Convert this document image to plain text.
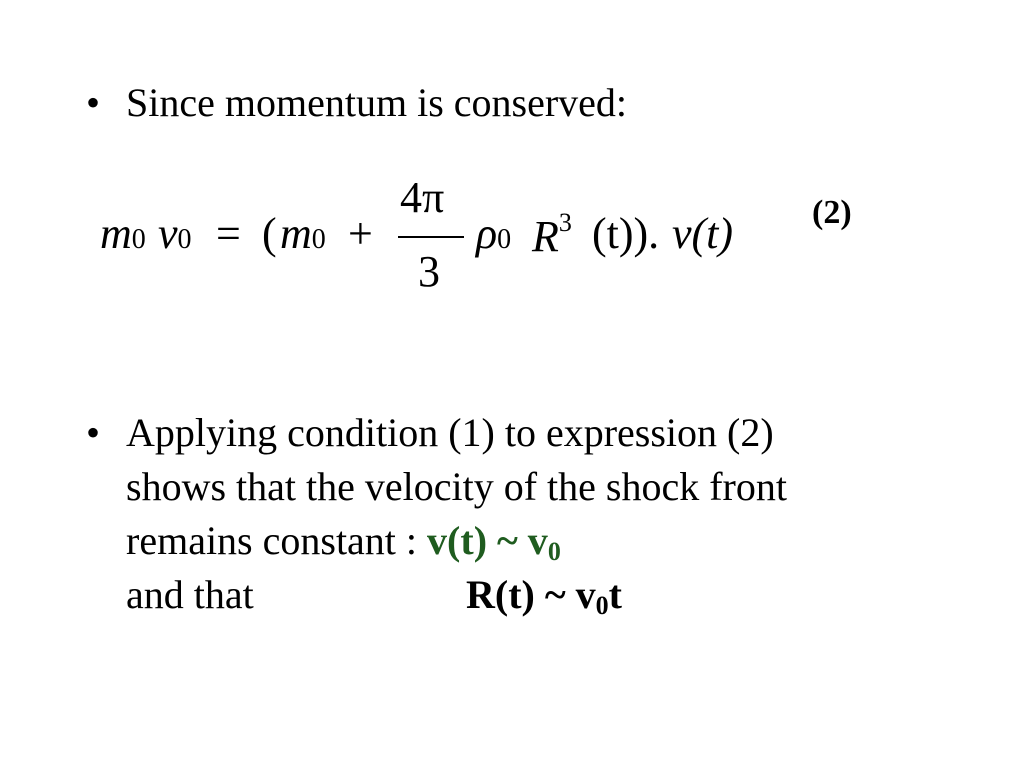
• Since momentum is conserved:
m0 v0 = ( m0 +
4π
3
ρ0 $R^3$ (t)). v(t) (2)
• Applying condition (1) to expression (2)
shows that the velocity of the shock front
remains constant : v(t) ~ v0
and that	R(t) ~ v0t
